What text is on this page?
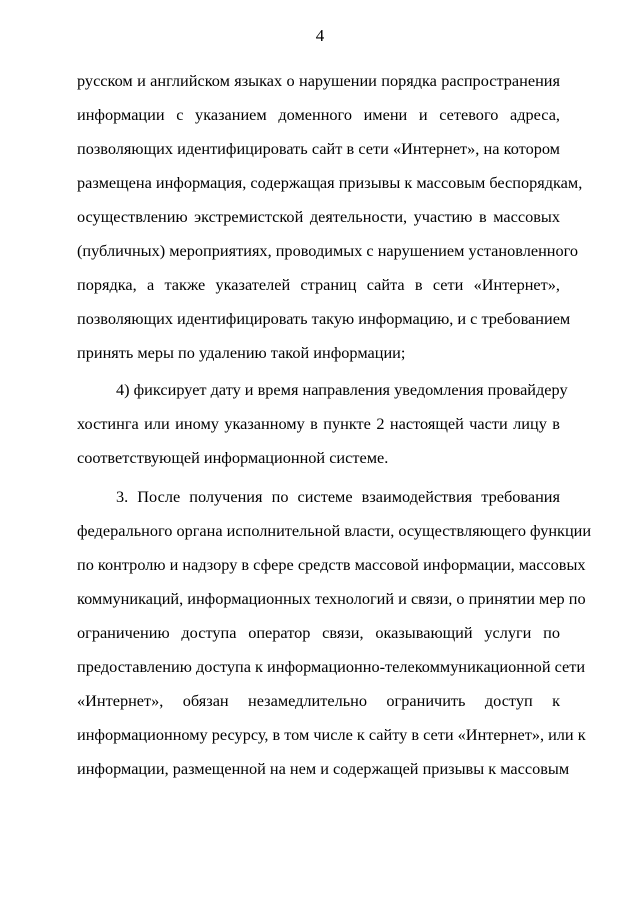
4
русском и английском языках о нарушении порядка распространения
информации с указанием доменного имени и сетевого адреса,
позволяющих идентифицировать сайт в сети «Интернет», на котором
размещена информация, содержащая призывы к массовым беспорядкам,
осуществлению экстремистской деятельности, участию в массовых
(публичных) мероприятиях, проводимых с нарушением установленного
порядка, а также указателей страниц сайта в сети «Интернет»,
позволяющих идентифицировать такую информацию, и с требованием
принять меры по удалению такой информации;
4) фиксирует дату и время направления уведомления провайдеру
хостинга или иному указанному в пункте 2 настоящей части лицу в
соответствующей информационной системе.
3. После получения по системе взаимодействия требования
федерального органа исполнительной власти, осуществляющего функции
по контролю и надзору в сфере средств массовой информации, массовых
коммуникаций, информационных технологий и связи, о принятии мер по
ограничению доступа оператор связи, оказывающий услуги по
предоставлению доступа к информационно-телекоммуникационной сети
«Интернет», обязан незамедлительно ограничить доступ к
информационному ресурсу, в том числе к сайту в сети «Интернет», или к
информации, размещенной на нем и содержащей призывы к массовым
